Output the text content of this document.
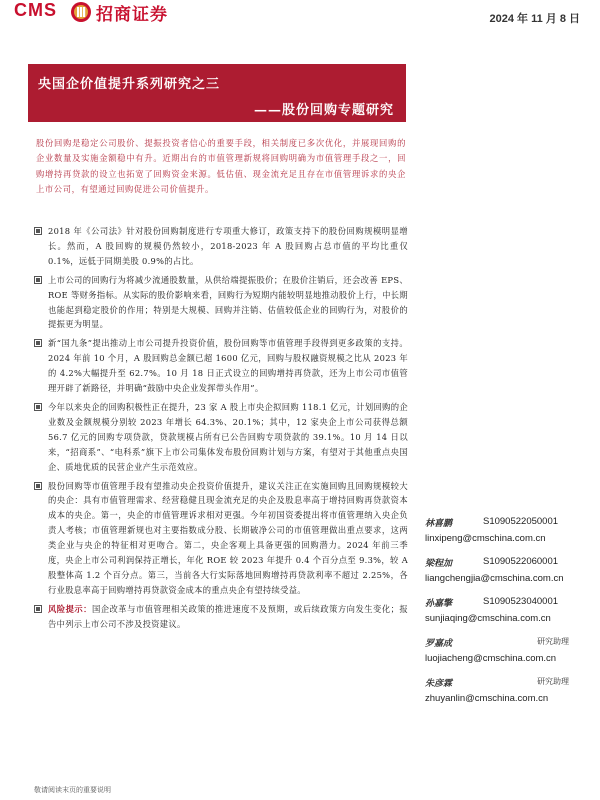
CMS 招商证券	2024 年 11 月 8 日
央国企价值提升系列研究之三
——股份回购专题研究
股份回购是稳定公司股价、提振投资者信心的重要手段，相关制度已多次优化，并展现回购的企业数量及实施金额稳中有升。近期出台的市值管理新规将回购明确为市值管理手段之一，回购增持再贷款的设立也拓宽了回购资金来源。低估值、现金流充足且存在市值管理诉求的央企上市公司，有望通过回购促进公司价值提升。
2018 年《公司法》针对股份回购制度进行专项重大修订，政策支持下的股份回购规模明显增长。然而，A 股回购的规模仍然较小，2018-2023 年 A 股回购占总市值的平均比重仅 0.1%，远低于同期美股 0.9%的占比。
上市公司的回购行为将减少流通股数量，从供给端提振股价；在股价注销后，还会改善 EPS、ROE 等财务指标。从实际的股价影响来看，回购行为短期内能较明显地推动股价上行，中长期也能起到稳定股价的作用；特别是大规模、回购并注销、估值较低企业的回购行为，对股价的提振更为明显。
新“国九条”提出推动上市公司提升投资价值，股份回购等市值管理手段得到更多政策的支持。2024 年前 10 个月，A 股回购总金额已超 1600 亿元，回购与股权融资规模之比从 2023 年的 4.2%大幅提升至 62.7%。10 月 18 日正式设立的回购增持再贷款，还为上市公司市值管理开辟了新路径，并明确“鼓励中央企业发挥带头作用”。
今年以来央企的回购积极性正在提升，23 家 A 股上市央企拟回购 118.1 亿元，计划回购的企业数及金额规模分别较 2023 年增长 64.3%、20.1%；其中，12 家央企上市公司获得总额 56.7 亿元的回购专项贷款，贷款规模占所有已公告回购专项贷款的 39.1%。10 月 14 日以来，“招商系”、“电科系”旗下上市公司集体发布股份回购计划与方案，有望对于其他重点央国企、质地优质的民营企业产生示范效应。
股份回购等市值管理手段有望推动央企投资价值提升，建议关注正在实施回购且回购规模较大的央企：具有市值管理需求、经营稳健且现金流充足的央企及股息率高于增持回购再贷款资本成本的央企。第一，央企的市值管理诉求相对更强。今年初国资委提出将市值管理纳入央企负责人考核；市值管理新规也对主要指数成分股、长期破净公司的市值管理做出重点要求，这两类企业与央企的特征相对更吻合。第二，央企客观上具备更强的回购潜力。2024 年前三季度，央企上市公司利润保持正增长，年化 ROE 较 2023 年提升 0.4 个百分点至 9.3%，较 A 股整体高 1.2 个百分点。第三，当前各大行实际落地回购增持再贷款利率不超过 2.25%，各行业股息率高于回购增持再贷款资金成本的重点央企有望持续受益。
风险提示：国企改革与市值管理相关政策的推进速度不及预期，或后续政策方向发生变化；报告中列示上市公司不涉及投资建议。
林喜鹏	S1090522050001
linxipeng@cmschina.com.cn
梁程加	S1090522060001
liangchengjia@cmschina.com.cn
孙嘉擎	S1090523040001
sunjiaqing@cmschina.com.cn
罗嘉成	研究助理
luojiacheng@cmschina.com.cn
朱彦霖	研究助理
zhuyanlin@cmschina.com.cn
敬请阅读末页的重要说明
